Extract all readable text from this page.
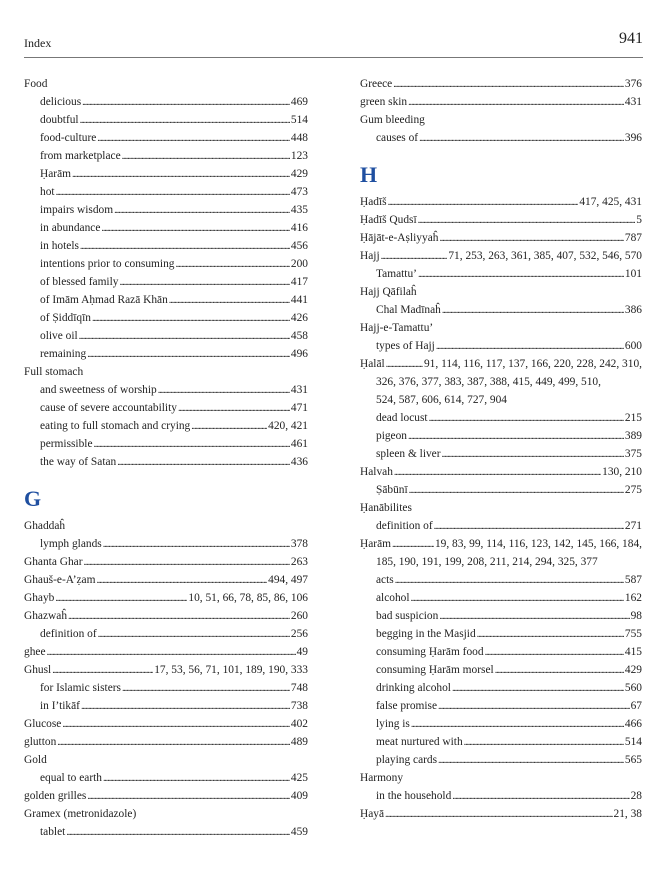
Index	941
Food
delicious . . .	469
doubtful . . .	514
food-culture . . .	448
from marketplace . . .	123
Ḥarām . . .	429
hot . . .	473
impairs wisdom . . .	435
in abundance . . .	416
in hotels . . .	456
intentions prior to consuming . . .	200
of blessed family . . .	417
of Imām Aḥmad Razā Khān . . .	441
of Ṣiddīqīn . . .	426
olive oil . . .	458
remaining . . .	496
Full stomach
and sweetness of worship . . .	431
cause of severe accountability . . .	471
eating to full stomach and crying . . .	420, 421
permissible . . .	461
the way of Satan . . .	436
G
Ghaddaĥ
lymph glands . . .	378
Ghanta Ghar . . .	263
Ghauš-e-A’ẓam . . .	494, 497
Ghayb . . .	10, 51, 66, 78, 85, 86, 106
Ghazwaĥ . . .	260
definition of . . .	256
ghee . . .	49
Ghusl . . .	17, 53, 56, 71, 101, 189, 190, 333
for Islamic sisters . . .	748
in I’tikāf . . .	738
Glucose . . .	402
glutton . . .	489
Gold
equal to earth . . .	425
golden grilles . . .	409
Gramex (metronidazole)
tablet . . .	459
Greece . . .	376
green skin . . .	431
Gum bleeding
causes of . . .	396
H
Ḥadīš . . .	417, 425, 431
Ḥadīš Qudsī . . .	5
Ḥājāt-e-Aṣliyyaĥ . . .	787
Hajj . . .	71, 253, 263, 361, 385, 407, 532, 546, 570
Tamattu’ . . .	101
Hajj Qāfilaĥ
Chal Madīnaĥ . . .	386
Hajj-e-Tamattu’
types of Hajj . . .	600
Ḥalāl . . .	91, 114, 116, 117, 137, 166, 220, 228, 242, 310,
326, 376, 377, 383, 387, 388, 415, 449, 499, 510,
524, 587, 606, 614, 727, 904
dead locust . . .	215
pigeon . . .	389
spleen & liver . . .	375
Halvah . . .	130, 210
Ṣābūnī . . .	275
Ḥanābilites
definition of . . .	271
Ḥarām . . .	19, 83, 99, 114, 116, 123, 142, 145, 166, 184,
185, 190, 191, 199, 208, 211, 214, 294, 325, 377
acts . . .	587
alcohol . . .	162
bad suspicion . . .	98
begging in the Masjid . . .	755
consuming Ḥarām food . . .	415
consuming Ḥarām morsel . . .	429
drinking alcohol . . .	560
false promise . . .	67
lying is . . .	466
meat nurtured with . . .	514
playing cards . . .	565
Harmony
in the household . . .	28
Ḥayā . . .	21, 38
